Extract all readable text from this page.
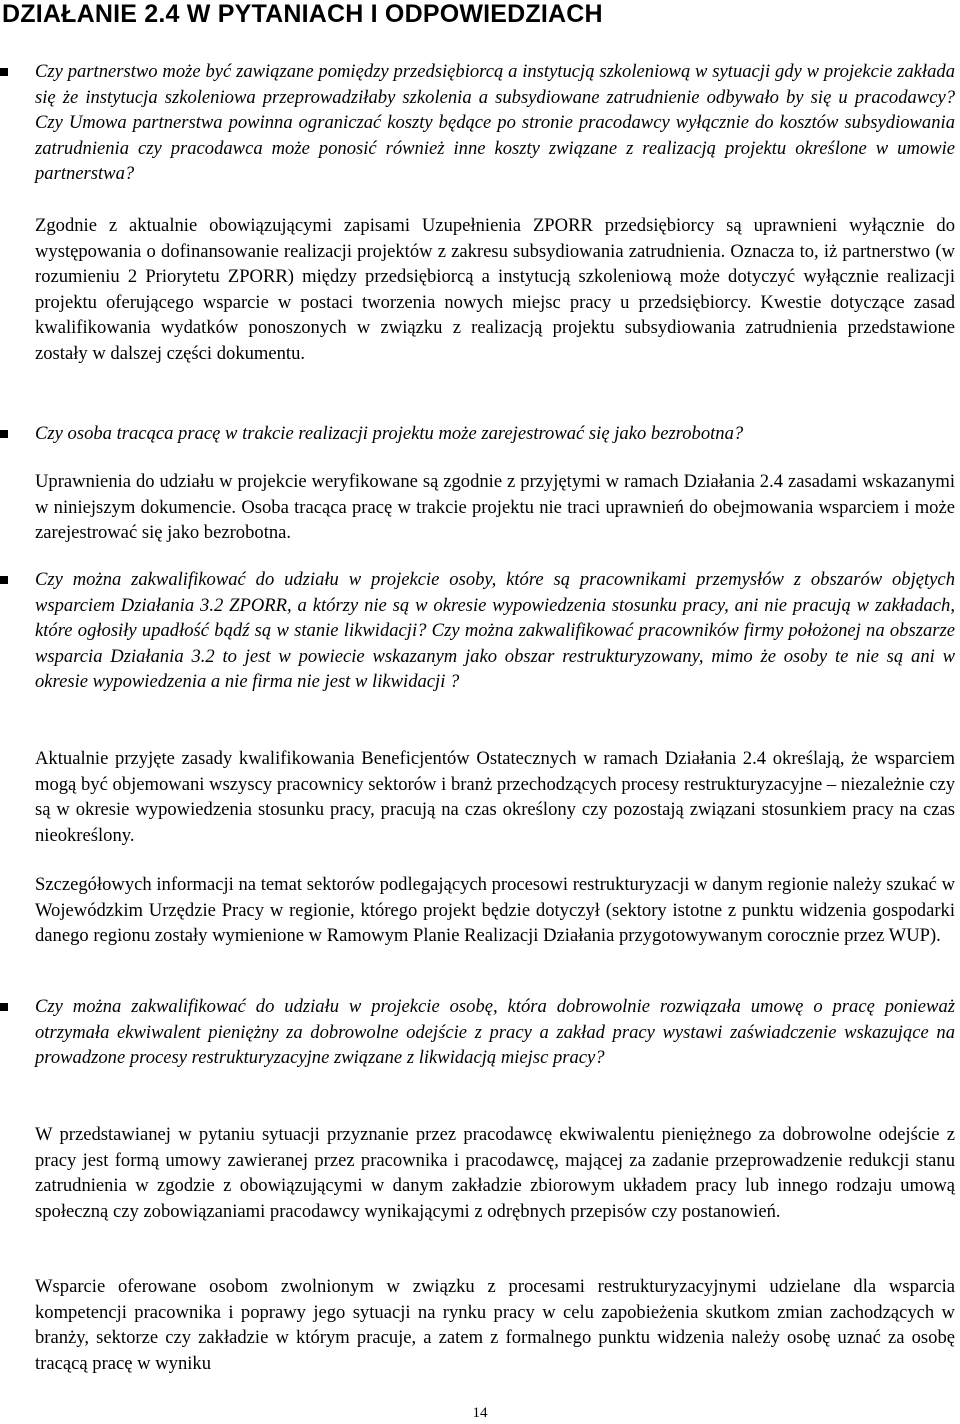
DZIAŁANIE 2.4 W PYTANIACH I ODPOWIEDZIACH
Czy partnerstwo może być zawiązane pomiędzy przedsiębiorcą a instytucją szkoleniową w sytuacji gdy w projekcie zakłada się że instytucja szkoleniowa przeprowadziłaby szkolenia a subsydiowane zatrudnienie odbywało by się u pracodawcy? Czy Umowa partnerstwa powinna ograniczać koszty będące po stronie pracodawcy wyłącznie do kosztów subsydiowania zatrudnienia czy pracodawca może ponosić również inne koszty związane z realizacją projektu określone w umowie partnerstwa?
Zgodnie z aktualnie obowiązującymi zapisami Uzupełnienia ZPORR przedsiębiorcy są uprawnieni wyłącznie do występowania o dofinansowanie realizacji projektów z zakresu subsydiowania zatrudnienia. Oznacza to, iż partnerstwo (w rozumieniu 2 Priorytetu ZPORR) między przedsiębiorcą a instytucją szkoleniową może dotyczyć wyłącznie realizacji projektu oferującego wsparcie w postaci tworzenia nowych miejsc pracy u przedsiębiorcy. Kwestie dotyczące zasad kwalifikowania wydatków ponoszonych w związku z realizacją projektu subsydiowania zatrudnienia przedstawione zostały w dalszej części dokumentu.
Czy osoba tracąca pracę w trakcie realizacji projektu może zarejestrować się jako bezrobotna?
Uprawnienia do udziału w projekcie weryfikowane są zgodnie z przyjętymi w ramach Działania 2.4 zasadami wskazanymi w niniejszym dokumencie. Osoba tracąca pracę w trakcie projektu nie traci uprawnień do obejmowania wsparciem i może zarejestrować się jako bezrobotna.
Czy można zakwalifikować do udziału w projekcie osoby, które są pracownikami przemysłów z obszarów objętych wsparciem Działania 3.2 ZPORR, a którzy nie są w okresie wypowiedzenia stosunku pracy, ani nie pracują w zakładach, które ogłosiły upadłość bądź są w stanie likwidacji? Czy można zakwalifikować pracowników firmy położonej na obszarze wsparcia Działania 3.2 to jest w powiecie wskazanym jako obszar restrukturyzowany, mimo że osoby te nie są ani w okresie wypowiedzenia a nie firma nie jest w likwidacji ?
Aktualnie przyjęte zasady kwalifikowania Beneficjentów Ostatecznych w ramach Działania 2.4 określają, że wsparciem mogą być objemowani wszyscy pracownicy sektorów i branż przechodzących procesy restrukturyzacyjne – niezależnie czy są w okresie wypowiedzenia stosunku pracy, pracują na czas określony czy pozostają związani stosunkiem pracy na czas nieokreślony.
Szczegółowych informacji na temat sektorów podlegających procesowi restrukturyzacji w danym regionie należy szukać w Wojewódzkim Urzędzie Pracy w regionie, którego projekt będzie dotyczył (sektory istotne z punktu widzenia gospodarki danego regionu zostały wymienione w Ramowym Planie Realizacji Działania przygotowywanym corocznie przez WUP).
Czy można zakwalifikować do udziału w projekcie osobę, która dobrowolnie rozwiązała umowę o pracę ponieważ otrzymała ekwiwalent pieniężny za dobrowolne odejście z pracy a zakład pracy wystawi zaświadczenie wskazujące na prowadzone procesy restrukturyzacyjne związane z likwidacją miejsc pracy?
W przedstawianej w pytaniu sytuacji przyznanie przez pracodawcę ekwiwalentu pieniężnego za dobrowolne odejście z pracy jest formą umowy zawieranej przez pracownika i pracodawcę, mającej za zadanie przeprowadzenie redukcji stanu zatrudnienia w zgodzie z obowiązującymi w danym zakładzie zbiorowym układem pracy lub innego rodzaju umową społeczną czy zobowiązaniami pracodawcy wynikającymi z odrębnych przepisów czy postanowień.
Wsparcie oferowane osobom zwolnionym w związku z procesami restrukturyzacyjnymi udzielane dla wsparcia kompetencji pracownika i poprawy jego sytuacji na rynku pracy w celu zapobieżenia skutkom zmian zachodzących w branży, sektorze czy zakładzie w którym pracuje, a zatem z formalnego punktu widzenia należy osobę uznać za osobę tracącą pracę w wyniku
14
